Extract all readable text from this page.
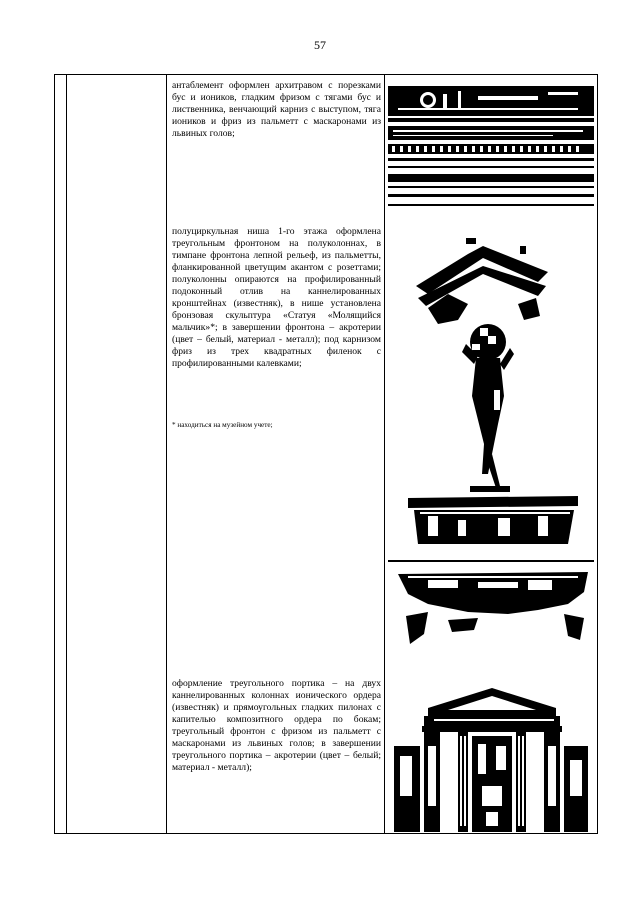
57

антаблемент оформлен архитравом с порезками бус и иоников, гладким фризом с тягами бус и лиственника, венчающий карниз с выступом, тяга иоников и фриз из пальметт с маскаронами из львиных голов;

полуциркульная ниша 1-го этажа оформлена треугольным фронтоном на полуколоннах, в тимпане фронтона лепной рельеф, из пальметты, фланкированной цветущим акантом с розеттами; полуколонны опираются на профилированный подоконный отлив на каннелированных кронштейнах (известняк), в нише установлена бронзовая скульптура «Статуя «Молящийся мальчик»*; в завершении фронтона – акротерии (цвет – белый, материал - металл); под карнизом фриз из трех квадратных филенок с профилированными калевками;

* находиться на музейном учете;

оформление треугольного портика – на двух каннелированных колоннах ионического ордера (известняк) и прямоугольных гладких пилонах с капителью композитного ордера по бокам; треугольный фронтон с фризом из пальметт с маскаронами из львиных голов; в завершении треугольного портика – акротерии (цвет – белый; материал - металл);
